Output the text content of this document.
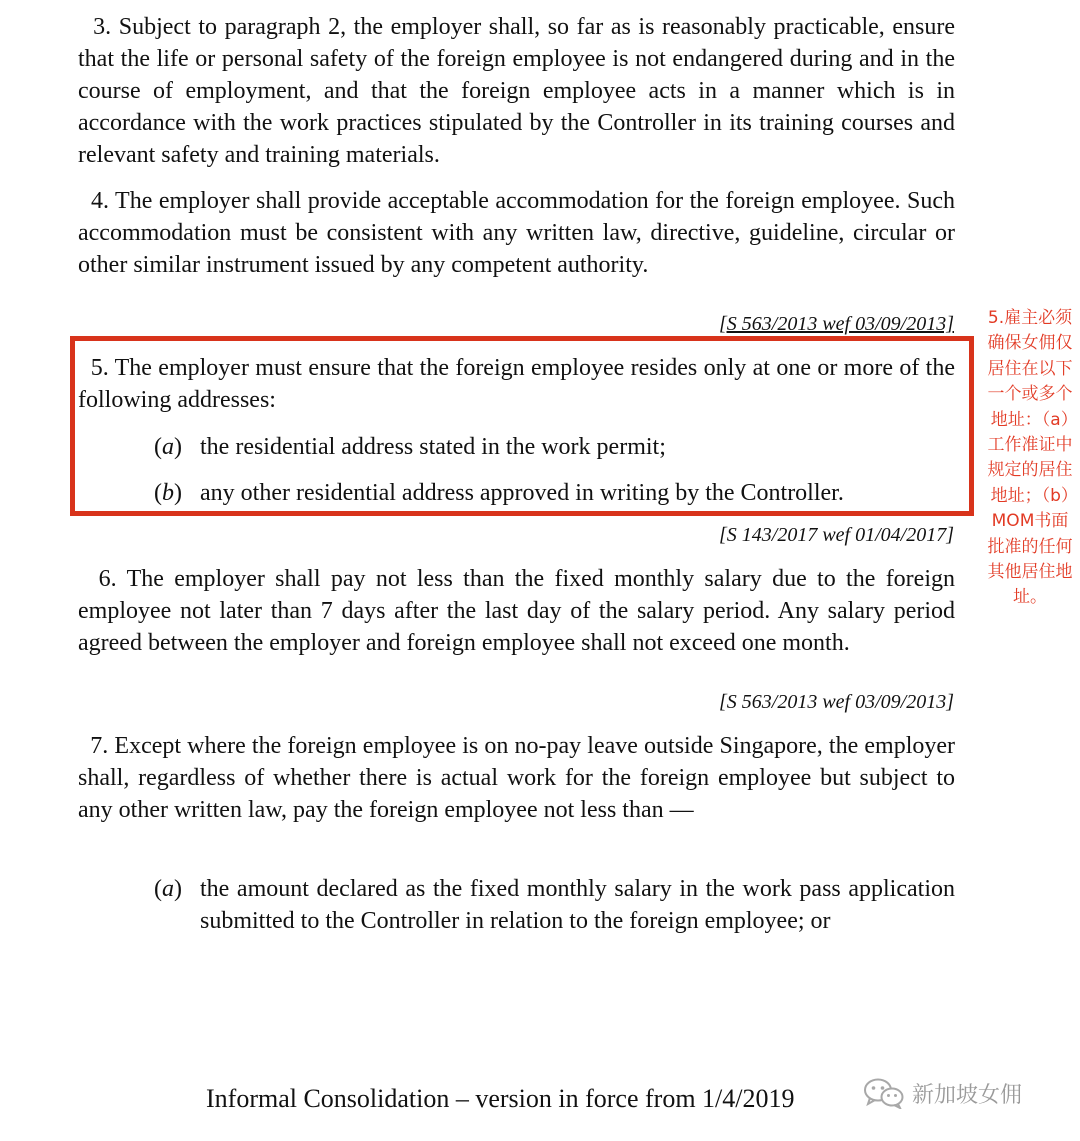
3. Subject to paragraph 2, the employer shall, so far as is reasonably practicable, ensure that the life or personal safety of the foreign employee is not endangered during and in the course of employment, and that the foreign employee acts in a manner which is in accordance with the work practices stipulated by the Controller in its training courses and relevant safety and training materials.
4. The employer shall provide acceptable accommodation for the foreign employee. Such accommodation must be consistent with any written law, directive, guideline, circular or other similar instrument issued by any competent authority.
[S 563/2013 wef 03/09/2013]
5. The employer must ensure that the foreign employee resides only at one or more of the following addresses:
(a) the residential address stated in the work permit;
(b) any other residential address approved in writing by the Controller.
[S 143/2017 wef 01/04/2017]
6. The employer shall pay not less than the fixed monthly salary due to the foreign employee not later than 7 days after the last day of the salary period. Any salary period agreed between the employer and foreign employee shall not exceed one month.
[S 563/2013 wef 03/09/2013]
7. Except where the foreign employee is on no-pay leave outside Singapore, the employer shall, regardless of whether there is actual work for the foreign employee but subject to any other written law, pay the foreign employee not less than —
(a) the amount declared as the fixed monthly salary in the work pass application submitted to the Controller in relation to the foreign employee; or
5.雇主必须确保女佣仅居住在以下一个或多个地址：（a）工作准证中规定的居住地址；（b）MOM书面批准的任何其他居住地址。
Informal Consolidation – version in force from 1/4/2019	新加坡女佣
